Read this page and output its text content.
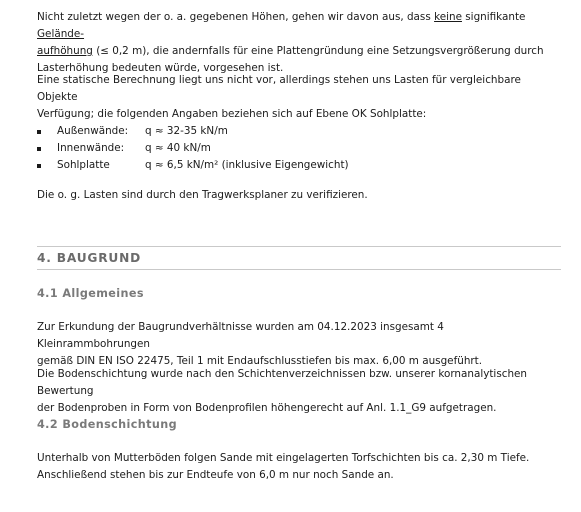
Nicht zuletzt wegen der o. a. gegebenen Höhen, gehen wir davon aus, dass keine signifikante Gelände-
aufhöhung (≤ 0,2 m), die andernfalls für eine Plattengründung eine Setzungsvergrößerung durch
Lasterhöhung bedeuten würde, vorgesehen ist.

Eine statische Berechnung liegt uns nicht vor, allerdings stehen uns Lasten für vergleichbare Objekte
Verfügung; die folgenden Angaben beziehen sich auf Ebene OK Sohlplatte:

Außenwände: q ≈ 32-35 kN/m
Innenwände: q ≈ 40 kN/m
Sohlplatte	q ≈ 6,5 kN/m² (inklusive Eigengewicht)

Die o. g. Lasten sind durch den Tragwerksplaner zu verifizieren.

4. BAUGRUND
4.1 Allgemeines

Zur Erkundung der Baugrundverhältnisse wurden am 04.12.2023 insgesamt 4 Kleinrammbohrungen
gemäß DIN EN ISO 22475, Teil 1 mit Endaufschlusstiefen bis max. 6,00 m ausgeführt.

Die Bodenschichtung wurde nach den Schichtenverzeichnissen bzw. unserer kornanalytischen Bewertung
der Bodenproben in Form von Bodenprofilen höhengerecht auf Anl. 1.1_G9 aufgetragen.

4.2 Bodenschichtung

Unterhalb von Mutterböden folgen Sande mit eingelagerten Torfschichten bis ca. 2,30 m Tiefe.
Anschließend stehen bis zur Endteufe von 6,0 m nur noch Sande an.
